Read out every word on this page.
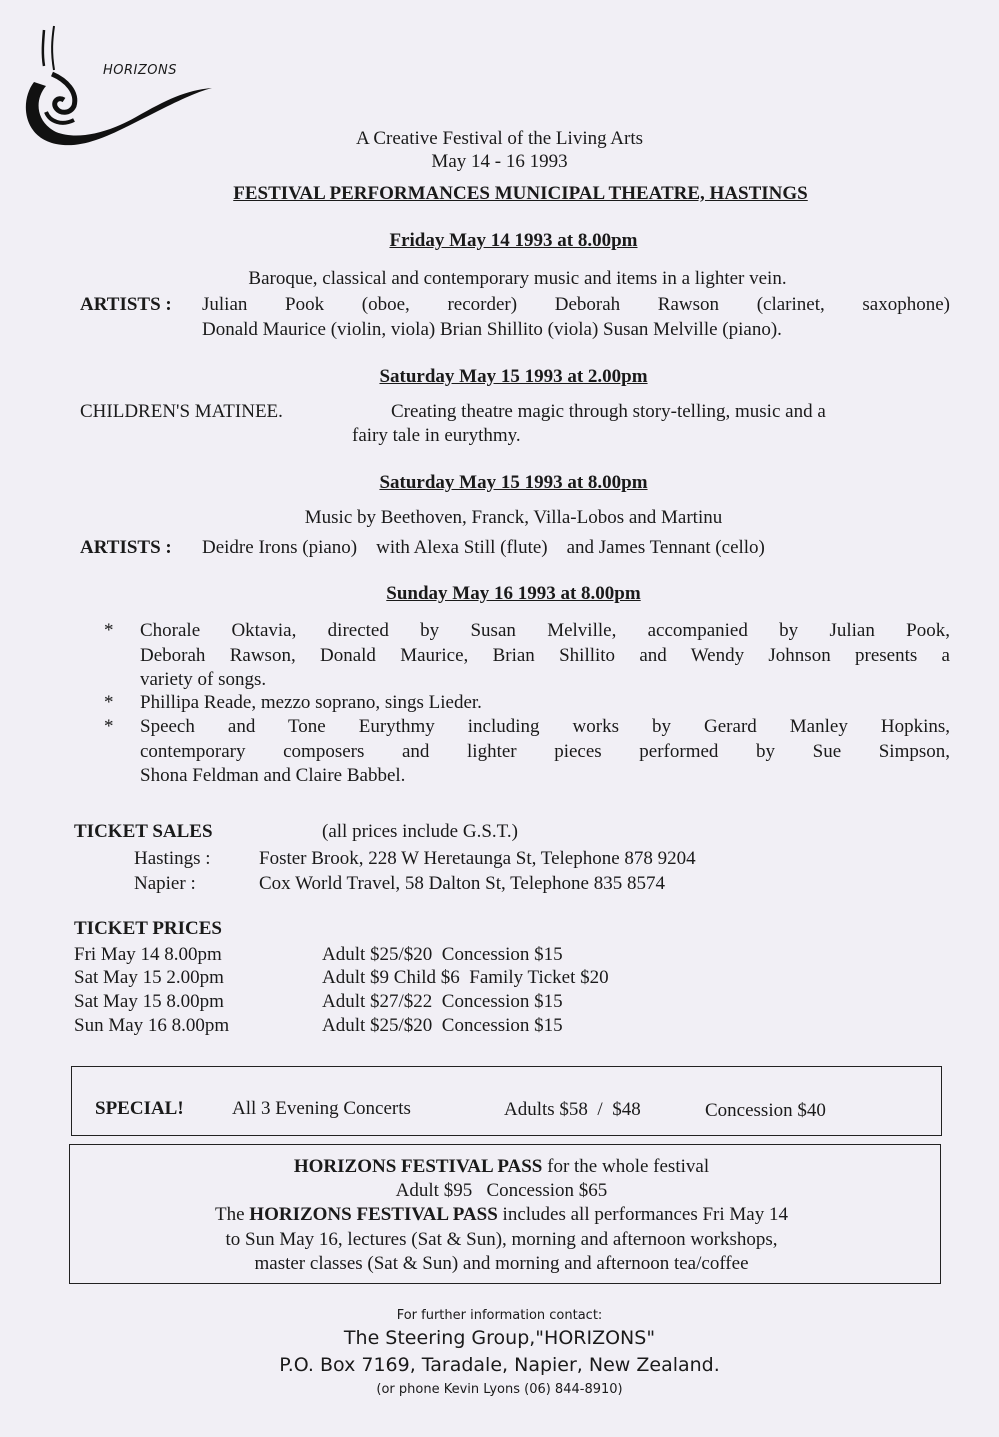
HORIZONS
A Creative Festival of the Living Arts
May 14 - 16 1993
FESTIVAL PERFORMANCES MUNICIPAL THEATRE, HASTINGS
Friday May 14 1993 at 8.00pm
Baroque, classical and contemporary music and items in a lighter vein.
ARTISTS : Julian Pook (oboe, recorder) Deborah Rawson (clarinet, saxophone)
Donald Maurice (violin, viola) Brian Shillito (viola) Susan Melville (piano).
Saturday May 15 1993 at 2.00pm
CHILDREN'S MATINEE.	Creating theatre magic through story-telling, music and a
fairy tale in eurythmy.
Saturday May 15 1993 at 8.00pm
Music by Beethoven, Franck, Villa-Lobos and Martinu
ARTISTS : Deidre Irons (piano)    with Alexa Still (flute)    and James Tennant (cello)
Sunday May 16 1993 at 8.00pm
* Chorale Oktavia, directed by Susan Melville, accompanied by Julian Pook,
Deborah Rawson, Donald Maurice, Brian Shillito and Wendy Johnson presents a
variety of songs.
* Phillipa Reade, mezzo soprano, sings Lieder.
* Speech and Tone Eurythmy including works by Gerard Manley Hopkins,
contemporary composers and lighter pieces performed by Sue Simpson,
Shona Feldman and Claire Babbel.
TICKET SALES	(all prices include G.S.T.)
Hastings :	Foster Brook, 228 W Heretaunga St, Telephone 878 9204
Napier :	Cox World Travel, 58 Dalton St, Telephone 835 8574
TICKET PRICES
Fri May 14 8.00pm	Adult $25/$20  Concession $15
Sat May 15 2.00pm	Adult $9 Child $6  Family Ticket $20
Sat May 15 8.00pm	Adult $27/$22  Concession $15
Sun May 16 8.00pm	Adult $25/$20  Concession $15
SPECIAL!	All 3 Evening Concerts	Adults $58  /  $48	Concession $40
HORIZONS FESTIVAL PASS for the whole festival
Adult $95   Concession $65
The HORIZONS FESTIVAL PASS includes all performances Fri May 14
to Sun May 16, lectures (Sat & Sun), morning and afternoon workshops,
master classes (Sat & Sun) and morning and afternoon tea/coffee
For further information contact:
The Steering Group,"HORIZONS"
P.O. Box 7169, Taradale, Napier, New Zealand.
(or phone Kevin Lyons (06) 844-8910)
